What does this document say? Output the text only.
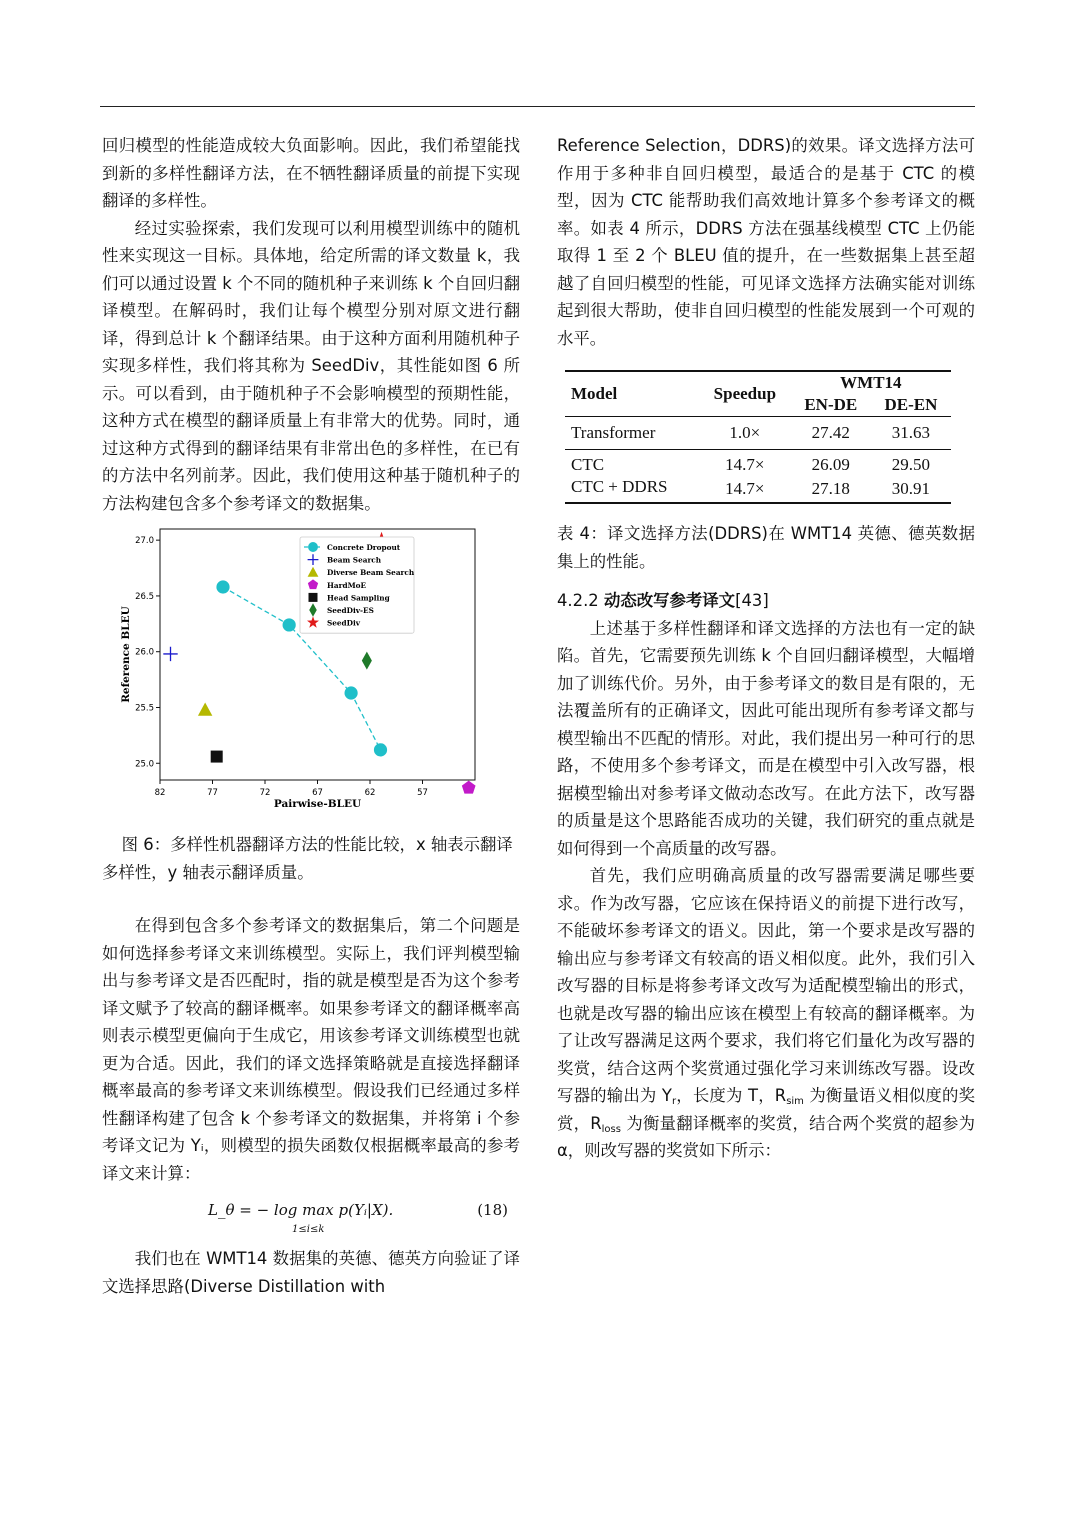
回归模型的性能造成较大负面影响。因此，我们希望能找到新的多样性翻译方法，在不牺牲翻译质量的前提下实现翻译的多样性。

经过实验探索，我们发现可以利用模型训练中的随机性来实现这一目标。具体地，给定所需的译文数量 k，我们可以通过设置 k 个不同的随机种子来训练 k 个自回归翻译模型。在解码时，我们让每个模型分别对原文进行翻译，得到总计 k 个翻译结果。由于这种方面利用随机种子实现多样性，我们将其称为 SeedDiv，其性能如图 6 所示。可以看到，由于随机种子不会影响模型的预期性能，这种方式在模型的翻译质量上有非常大的优势。同时，通过这种方式得到的翻译结果有非常出色的多样性，在已有的方法中名列前茅。因此，我们使用这种基于随机种子的方法构建包含多个参考译文的数据集。

82	77	72	67	62	57
25.0
25.5
26.0
26.5
27.0
Pairwise-BLEU
Reference BLEU
Concrete Dropout
Beam Search
Diverse Beam Search
HardMoE
Head Sampling
SeedDiv-ES
SeedDiv

图 6：多样性机器翻译方法的性能比较，x 轴表示翻译多样性，y 轴表示翻译质量。

在得到包含多个参考译文的数据集后，第二个问题是如何选择参考译文来训练模型。实际上，我们评判模型输出与参考译文是否匹配时，指的就是模型是否为这个参考译文赋予了较高的翻译概率。如果参考译文的翻译概率高则表示模型更偏向于生成它，用该参考译文训练模型也就更为合适。因此，我们的译文选择策略就是直接选择翻译概率最高的参考译文来训练模型。假设我们已经通过多样性翻译构建了包含 k 个参考译文的数据集，并将第 i 个参考译文记为 Yᵢ，则模型的损失函数仅根据概率最高的参考译文来计算：

L_θ = − log max p(Yᵢ|X).
1≤i≤k
(18)

我们也在 WMT14 数据集的英德、德英方向验证了译文选择思路(Diverse Distillation with

Reference Selection，DDRS)的效果。译文选择方法可作用于多种非自回归模型，最适合的是基于 CTC 的模型，因为 CTC 能帮助我们高效地计算多个参考译文的概率。如表 4 所示，DDRS 方法在强基线模型 CTC 上仍能取得 1 至 2 个 BLEU 值的提升，在一些数据集上甚至超越了自回归模型的性能，可见译文选择方法确实能对训练起到很大帮助，使非自回归模型的性能发展到一个可观的水平。

Model	Speedup	WMT14	
		EN-DE	DE-EN
Transformer	1.0×	27.42	31.63
CTC	14.7×	26.09	29.50
CTC + DDRS	14.7×	27.18	30.91

表 4：译文选择方法(DDRS)在 WMT14 英德、德英数据集上的性能。

4.2.2 动态改写参考译文[43]

上述基于多样性翻译和译文选择的方法也有一定的缺陷。首先，它需要预先训练 k 个自回归翻译模型，大幅增加了训练代价。另外，由于参考译文的数目是有限的，无法覆盖所有的正确译文，因此可能出现所有参考译文都与模型输出不匹配的情形。对此，我们提出另一种可行的思路，不使用多个参考译文，而是在模型中引入改写器，根据模型输出对参考译文做动态改写。在此方法下，改写器的质量是这个思路能否成功的关键，我们研究的重点就是如何得到一个高质量的改写器。

首先，我们应明确高质量的改写器需要满足哪些要求。作为改写器，它应该在保持语义的前提下进行改写，不能破坏参考译文的语义。因此，第一个要求是改写器的输出应与参考译文有较高的语义相似度。此外，我们引入改写器的目标是将参考译文改写为适配模型输出的形式，也就是改写器的输出应该在模型上有较高的翻译概率。为了让改写器满足这两个要求，我们将它们量化为改写器的奖赏，结合这两个奖赏通过强化学习来训练改写器。设改写器的输出为 $Y_r$，长度为 T，$R_{sim}$ 为衡量语义相似度的奖赏，$R_{loss}$ 为衡量翻译概率的奖赏，结合两个奖赏的超参为α，则改写器的奖赏如下所示：
